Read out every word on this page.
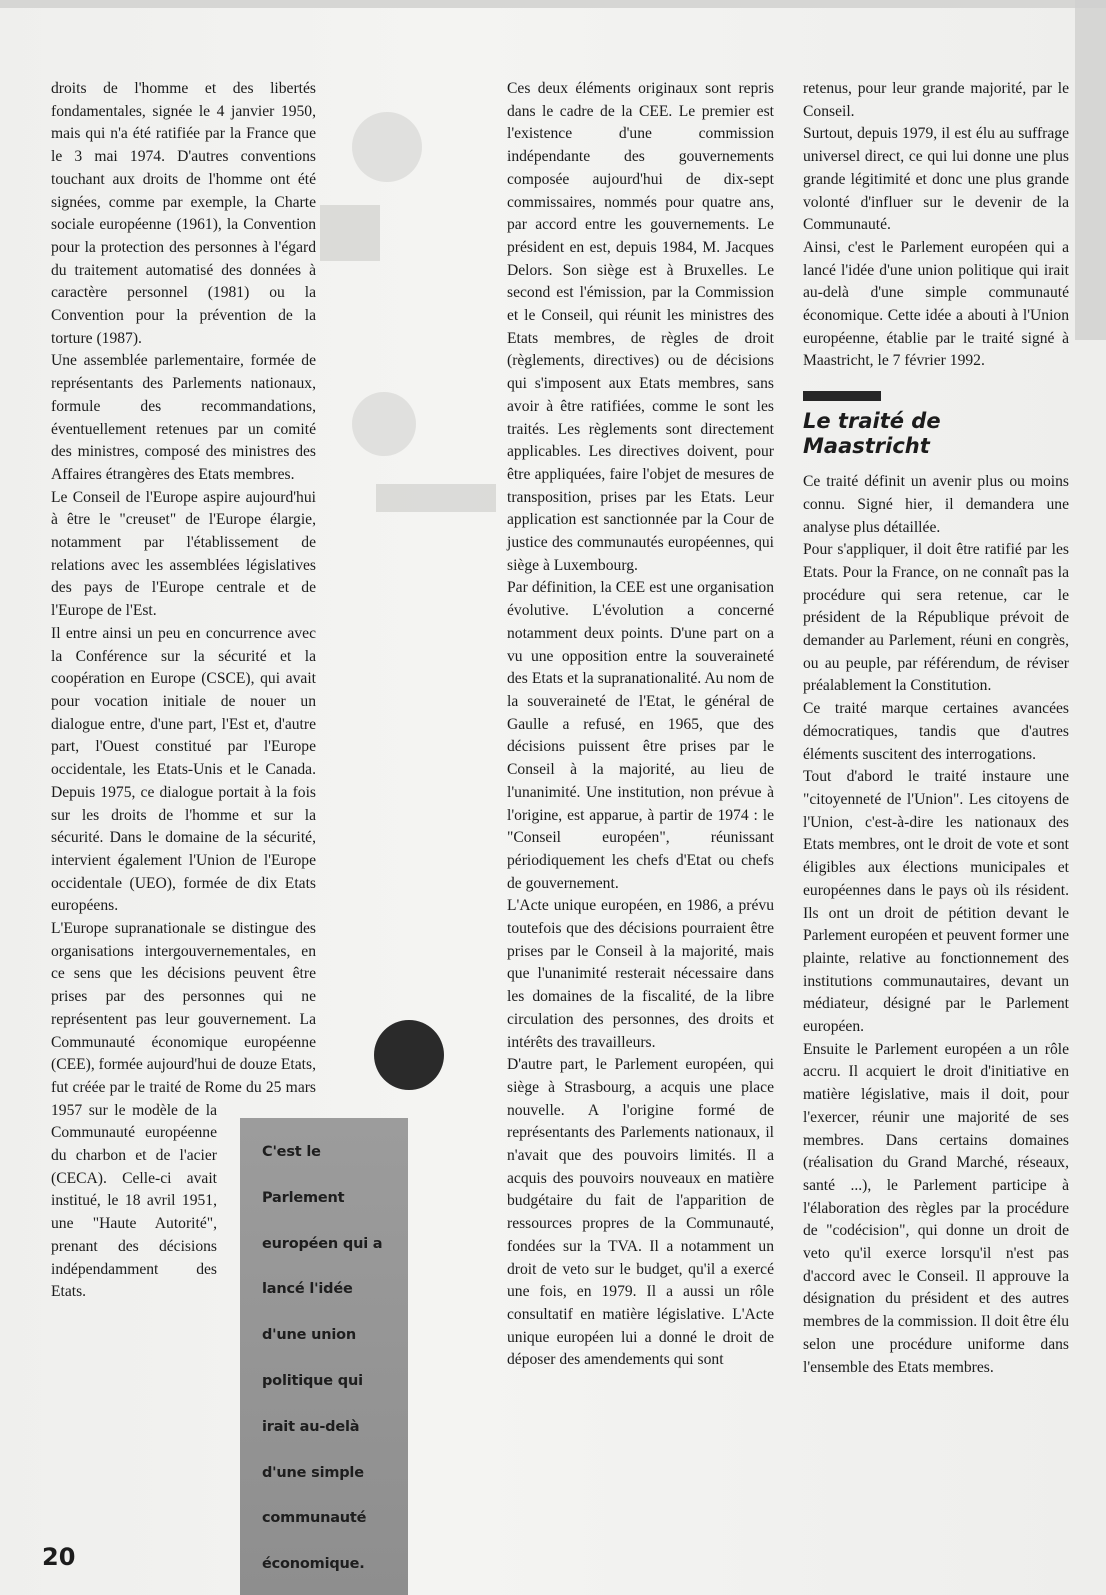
droits de l'homme et des libertés fondamentales, signée le 4 janvier 1950, mais qui n'a été ratifiée par la France que le 3 mai 1974. D'autres conventions touchant aux droits de l'homme ont été signées, comme par exemple, la Charte sociale européenne (1961), la Convention pour la protection des personnes à l'égard du traitement automatisé des données à caractère personnel (1981) ou la Convention pour la prévention de la torture (1987).

Une assemblée parlementaire, formée de représentants des Parlements nationaux, formule des recommandations, éventuellement retenues par un comité des ministres, composé des ministres des Affaires étrangères des Etats membres.

Le Conseil de l'Europe aspire aujourd'hui à être le "creuset" de l'Europe élargie, notamment par l'établissement de relations avec les assemblées législatives des pays de l'Europe centrale et de l'Europe de l'Est.

Il entre ainsi un peu en concurrence avec la Conférence sur la sécurité et la coopération en Europe (CSCE), qui avait pour vocation initiale de nouer un dialogue entre, d'une part, l'Est et, d'autre part, l'Ouest constitué par l'Europe occidentale, les Etats-Unis et le Canada. Depuis 1975, ce dialogue portait à la fois sur les droits de l'homme et sur la sécurité. Dans le domaine de la sécurité, intervient également l'Union de l'Europe occidentale (UEO), formée de dix Etats européens.

L'Europe supranationale se distingue des organisations intergouvernementales, en ce sens que les décisions peuvent être prises par des personnes qui ne représentent pas leur gouvernement. La Communauté économique européenne (CEE), formée aujourd'hui de douze Etats, fut créée par le traité de Rome du 25 mars 1957 sur le modèle de la Communauté européenne du charbon et de l'acier (CECA). Celle-ci avait institué, le 18 avril 1951, une "Haute Autorité", prenant des décisions indépendamment des Etats.

Ces deux éléments originaux sont repris dans le cadre de la CEE. Le premier est l'existence d'une commission indépendante des gouvernements composée aujourd'hui de dix-sept commissaires, nommés pour quatre ans, par accord entre les gouvernements. Le président en est, depuis 1984, M. Jacques Delors. Son siège est à Bruxelles. Le second est l'émission, par la Commission et le Conseil, qui réunit les ministres des Etats membres, de règles de droit (règlements, directives) ou de décisions qui s'imposent aux Etats membres, sans avoir à être ratifiées, comme le sont les traités. Les règlements sont directement applicables. Les directives doivent, pour être appliquées, faire l'objet de mesures de transposition, prises par les Etats. Leur application est sanctionnée par la Cour de justice des communautés européennes, qui siège à Luxembourg.

Par définition, la CEE est une organisation évolutive. L'évolution a concerné notamment deux points. D'une part on a vu une opposition entre la souveraineté des Etats et la supranationalité. Au nom de la souveraineté de l'Etat, le général de Gaulle a refusé, en 1965, que des décisions puissent être prises par le Conseil à la majorité, au lieu de l'unanimité. Une institution, non prévue à l'origine, est apparue, à partir de 1974 : le "Conseil européen", réunissant périodiquement les chefs d'Etat ou chefs de gouvernement.

L'Acte unique européen, en 1986, a prévu toutefois que des décisions pourraient être prises par le Conseil à la majorité, mais que l'unanimité resterait nécessaire dans les domaines de la fiscalité, de la libre circulation des personnes, des droits et intérêts des travailleurs.

D'autre part, le Parlement européen, qui siège à Strasbourg, a acquis une place nouvelle. A l'origine formé de représentants des Parlements nationaux, il n'avait que des pouvoirs limités. Il a acquis des pouvoirs nouveaux en matière budgétaire du fait de l'apparition de ressources propres de la Communauté, fondées sur la TVA. Il a notamment un droit de veto sur le budget, qu'il a exercé une fois, en 1979. Il a aussi un rôle consultatif en matière législative. L'Acte unique européen lui a donné le droit de déposer des amendements qui sont

retenus, pour leur grande majorité, par le Conseil.

Surtout, depuis 1979, il est élu au suffrage universel direct, ce qui lui donne une plus grande légitimité et donc une plus grande volonté d'influer sur le devenir de la Communauté.

Ainsi, c'est le Parlement européen qui a lancé l'idée d'une union politique qui irait au-delà d'une simple communauté économique. Cette idée a abouti à l'Union européenne, établie par le traité signé à Maastricht, le 7 février 1992.

Le traité de
Maastricht

Ce traité définit un avenir plus ou moins connu. Signé hier, il demandera une analyse plus détaillée.

Pour s'appliquer, il doit être ratifié par les Etats. Pour la France, on ne connaît pas la procédure qui sera retenue, car le président de la République prévoit de demander au Parlement, réuni en congrès, ou au peuple, par référendum, de réviser préalablement la Constitution.

Ce traité marque certaines avancées démocratiques, tandis que d'autres éléments suscitent des interrogations.

Tout d'abord le traité instaure une "citoyenneté de l'Union". Les citoyens de l'Union, c'est-à-dire les nationaux des Etats membres, ont le droit de vote et sont éligibles aux élections municipales et européennes dans le pays où ils résident. Ils ont un droit de pétition devant le Parlement européen et peuvent former une plainte, relative au fonctionnement des institutions communautaires, devant un médiateur, désigné par le Parlement européen.

Ensuite le Parlement européen a un rôle accru. Il acquiert le droit d'initiative en matière législative, mais il doit, pour l'exercer, réunir une majorité de ses membres. Dans certains domaines (réalisation du Grand Marché, réseaux, santé ...), le Parlement participe à l'élaboration des règles par la procédure de "codécision", qui donne un droit de veto qu'il exerce lorsqu'il n'est pas d'accord avec le Conseil. Il approuve la désignation du président et des autres membres de la commission. Il doit être élu selon une procédure uniforme dans l'ensemble des Etats membres.

C'est le
Parlement
européen qui a
lancé l'idée
d'une union
politique qui
irait au-delà
d'une simple
communauté
économique.
20
